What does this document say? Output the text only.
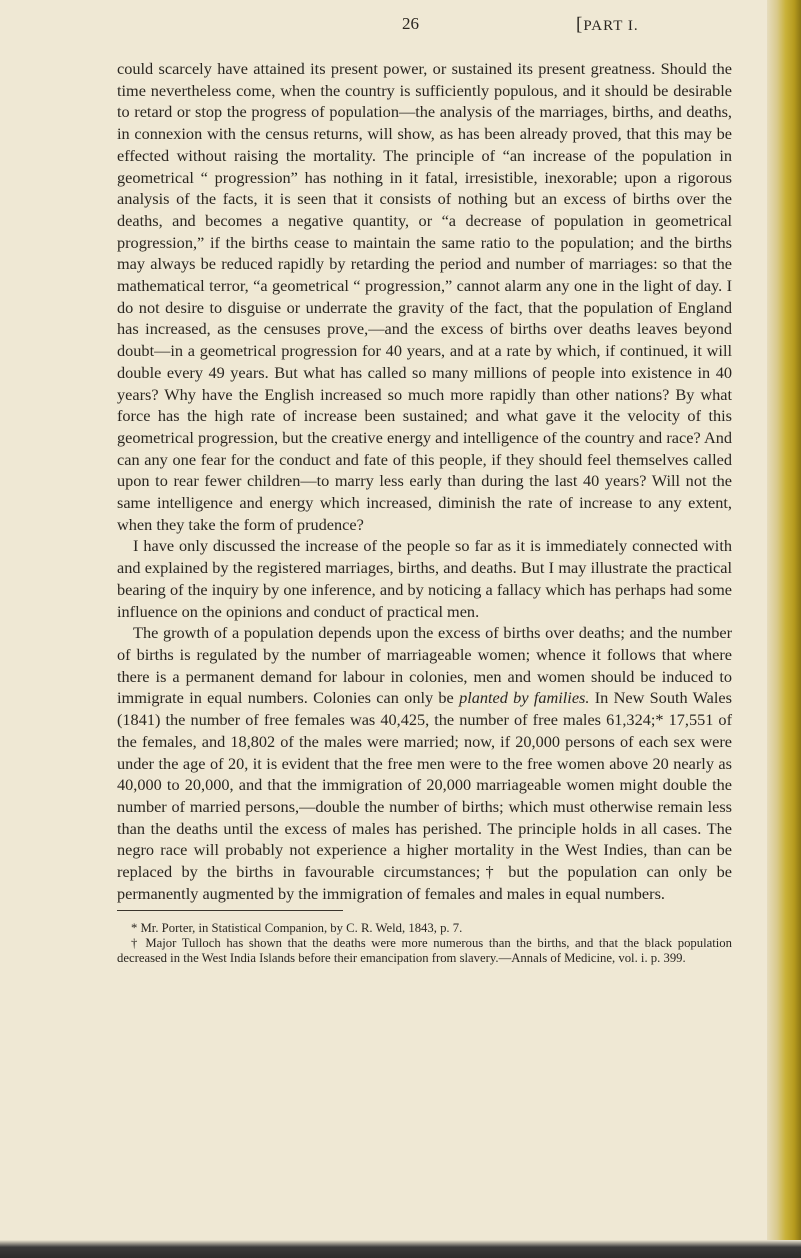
26	[PART I.

could scarcely have attained its present power, or sustained its present greatness. Should the time nevertheless come, when the country is sufficiently populous, and it should be desirable to retard or stop the progress of population—the analysis of the marriages, births, and deaths, in connexion with the census returns, will show, as has been already proved, that this may be effected without raising the mortality. The principle of “an increase of the population in geometrical “ progression” has nothing in it fatal, irresistible, inexorable; upon a rigorous analysis of the facts, it is seen that it consists of nothing but an excess of births over the deaths, and becomes a negative quantity, or “a decrease of population in geometrical progression,” if the births cease to maintain the same ratio to the population; and the births may always be reduced rapidly by retarding the period and number of marriages: so that the mathematical terror, “a geometrical “ progression,” cannot alarm any one in the light of day. I do not desire to disguise or underrate the gravity of the fact, that the population of England has increased, as the censuses prove,—and the excess of births over deaths leaves beyond doubt—in a geometrical progression for 40 years, and at a rate by which, if continued, it will double every 49 years. But what has called so many millions of people into existence in 40 years? Why have the English increased so much more rapidly than other nations? By what force has the high rate of increase been sustained; and what gave it the velocity of this geometrical progression, but the creative energy and intelligence of the country and race? And can any one fear for the conduct and fate of this people, if they should feel themselves called upon to rear fewer children—to marry less early than during the last 40 years? Will not the same intelligence and energy which increased, diminish the rate of increase to any extent, when they take the form of prudence?

I have only discussed the increase of the people so far as it is immediately connected with and explained by the registered marriages, births, and deaths. But I may illustrate the practical bearing of the inquiry by one inference, and by noticing a fallacy which has perhaps had some influence on the opinions and conduct of practical men.

The growth of a population depends upon the excess of births over deaths; and the number of births is regulated by the number of marriageable women; whence it follows that where there is a permanent demand for labour in colonies, men and women should be induced to immigrate in equal numbers. Colonies can only be planted by families. In New South Wales (1841) the number of free females was 40,425, the number of free males 61,324;* 17,551 of the females, and 18,802 of the males were married; now, if 20,000 persons of each sex were under the age of 20, it is evident that the free men were to the free women above 20 nearly as 40,000 to 20,000, and that the immigration of 20,000 marriageable women might double the number of married persons,—double the number of births; which must otherwise remain less than the deaths until the excess of males has perished. The principle holds in all cases. The negro race will probably not experience a higher mortality in the West Indies, than can be replaced by the births in favourable circumstances;† but the population can only be permanently augmented by the immigration of females and males in equal numbers.

* Mr. Porter, in Statistical Companion, by C. R. Weld, 1843, p. 7.

† Major Tulloch has shown that the deaths were more numerous than the births, and that the black population decreased in the West India Islands before their emancipation from slavery.—Annals of Medicine, vol. i. p. 399.
